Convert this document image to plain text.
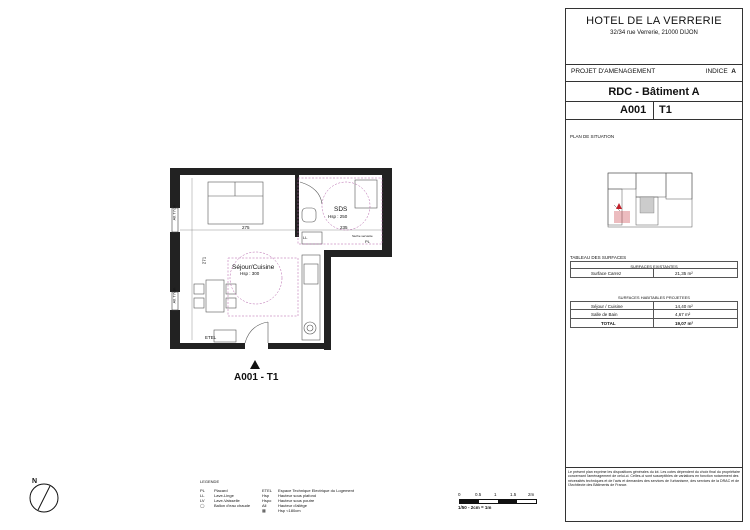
Séjour/Cuisine
Hsp : 300
SDS
Hsp : 250
275	235
271
Alt T7cm
Alt T7cm
ETEL
LL
PL
Sèche serviette
A001 - T1
LEGENDE
PL Placard
LL Lave-Linge
LV Lave-Vaisselle
◯ Ballon d'eau chaude
ETEL Espace Technique Electrique du Logement
Hsp Hauteur sous plafond
Hspo Hauteur sous poutre
All	Hauteur d'allège
▦	Hsp <180cm
0	0.5	1	1.5	2m
1/50 - 2cm = 1m
N
HOTEL DE LA VERRERIE
32/34 rue Verrerie, 21000 DIJON
PROJET D'AMENAGEMENT	INDICE A
RDC - Bâtiment A
A001 T1
PLAN DE SITUATION
TABLEAU DES SURFACES
SURFACES EXISTANTES
Surface Carrez	21,35 m²
SURFACES HABITABLES PROJETEES
Séjour / Cuisine	14,40 m²
Salle de Bain	4,67 m²
TOTAL	19,07 m²
Le présent plan exprime les dispositions générales du lot. Les cotes dépendent du choix final du propriétaire concernant l'aménagement de celui-ci. Celles-ci sont susceptibles de variations en fonction notamment des nécessités techniques et de l'avis et demandes des services de l'urbanisme, des services de la DRAC et de l'Architecte des Bâtiments de France.
